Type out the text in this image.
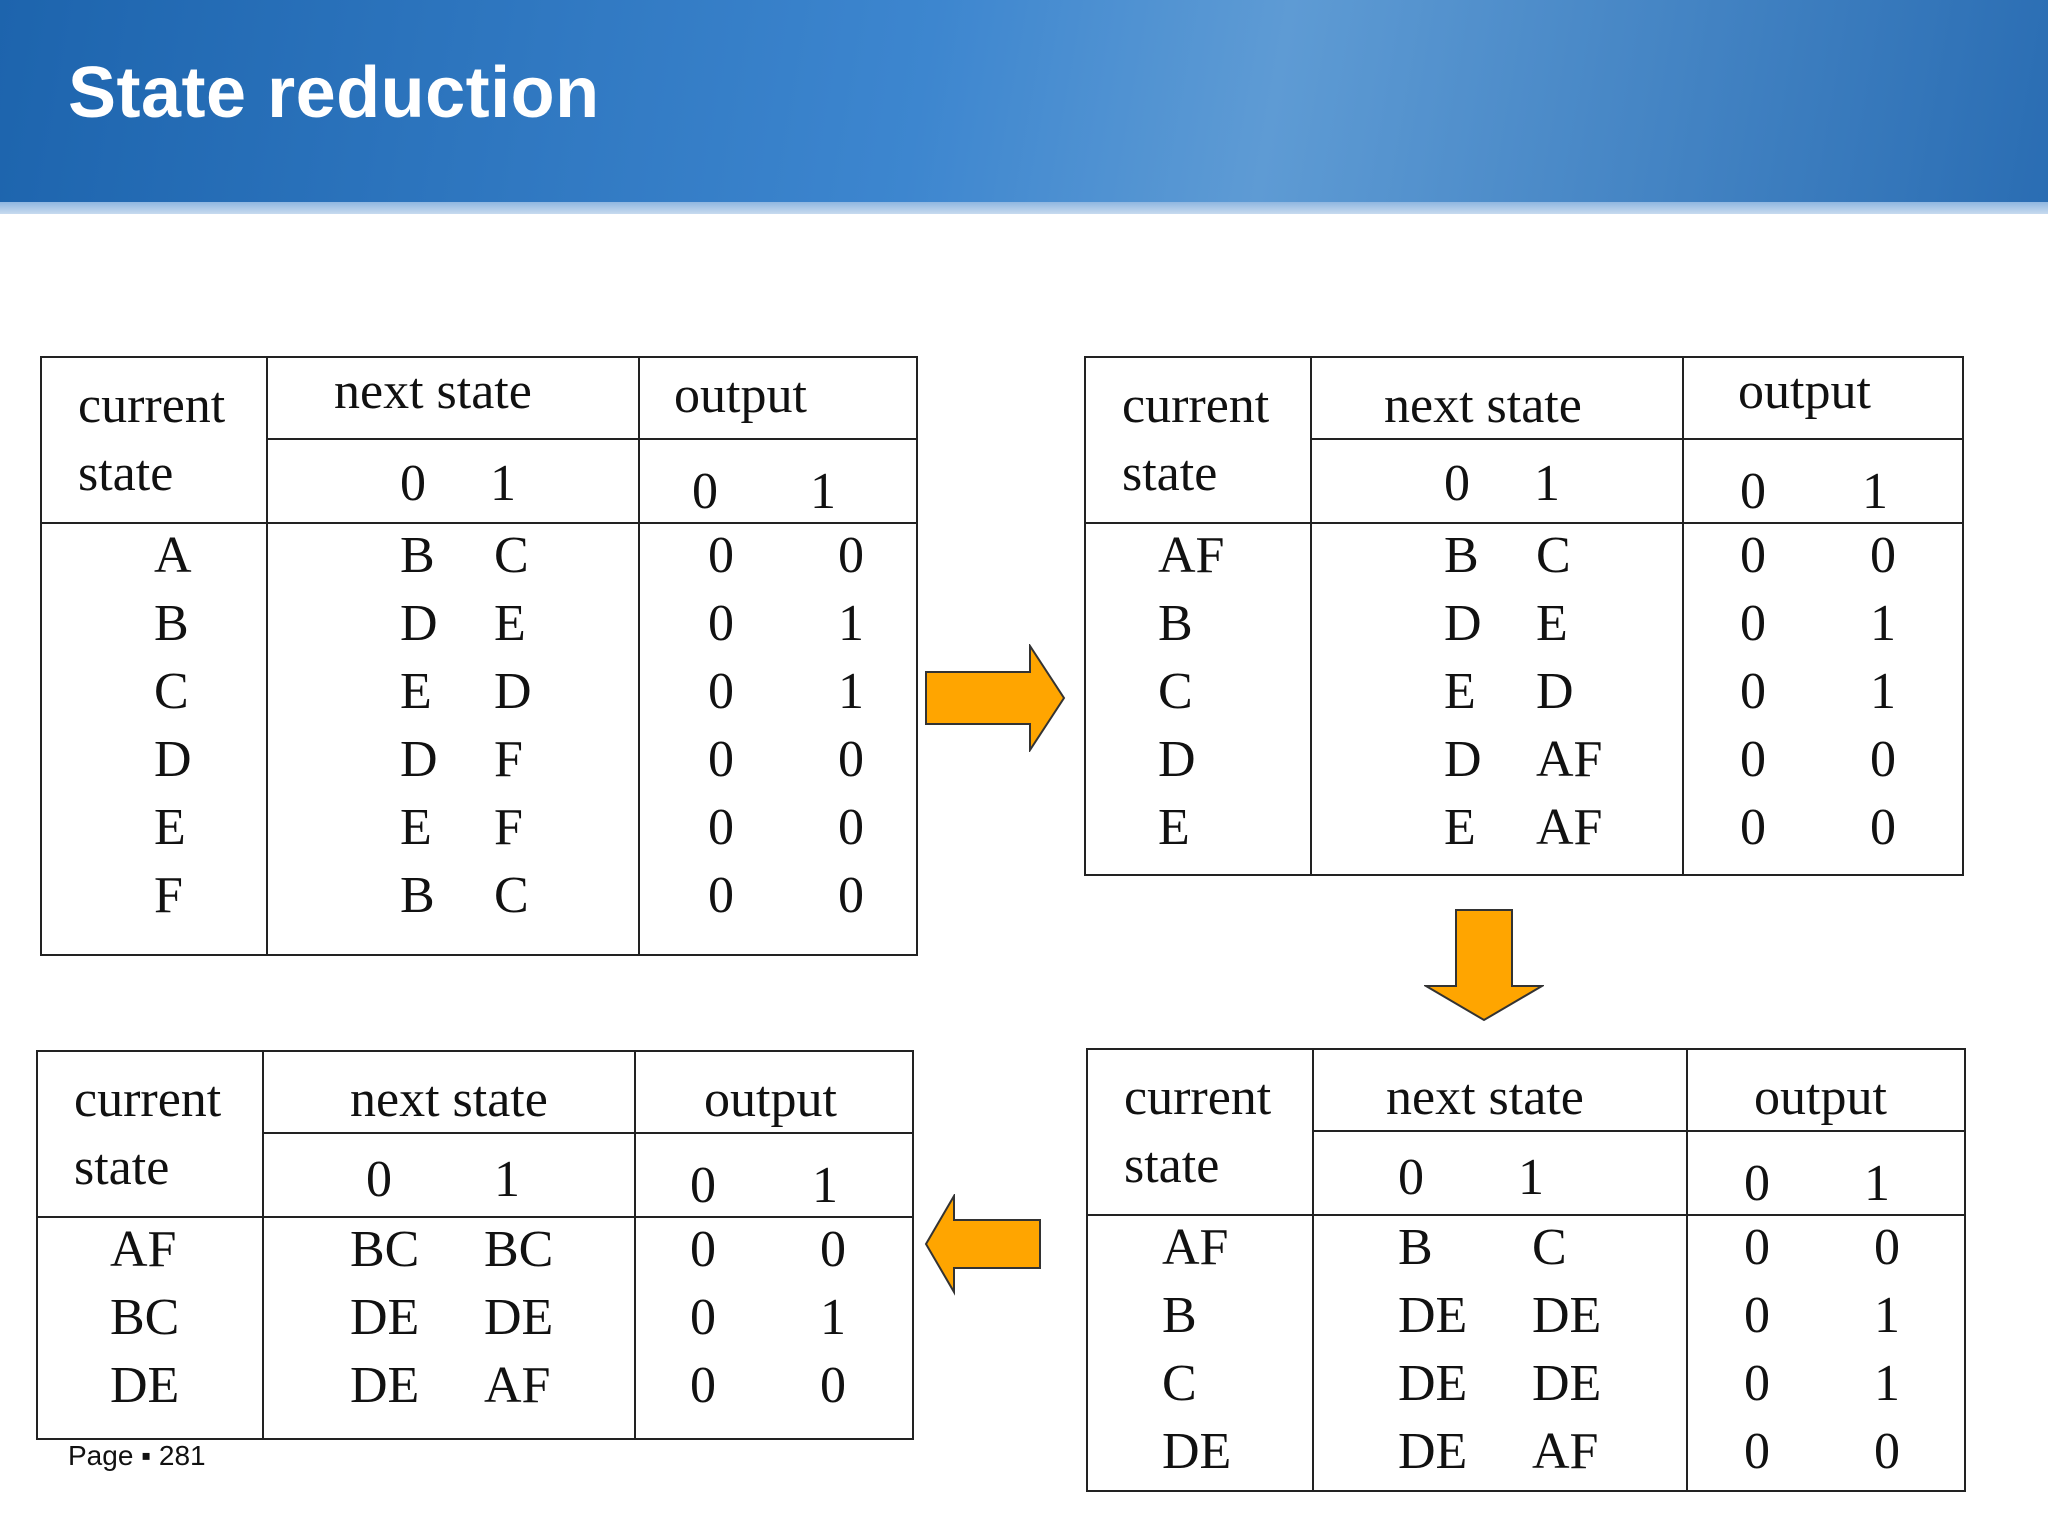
State reduction
current
state
next state	output
0 1	0 1
A	B C	0 0
B	D E	0 1
C	E D	0 1
D	D F	0 0
E	E F	0 0
F	B C	0 0
current
state
next state	output
0 1	0 1
AF	B C	0 0
B	D E	0 1
C	E D	0 1
D	D AF	0 0
E	E AF	0 0
current
state
next state	output
0 1	0 1
AF	B C	0 0
B	DE DE	0 1
C	DE DE	0 1
DE	DE AF	0 0
current
state
next state	output
0 1	0 1
AF	BC BC	0 0
BC	DE DE	0 1
DE	DE AF	0 0
Page ▪ 281
